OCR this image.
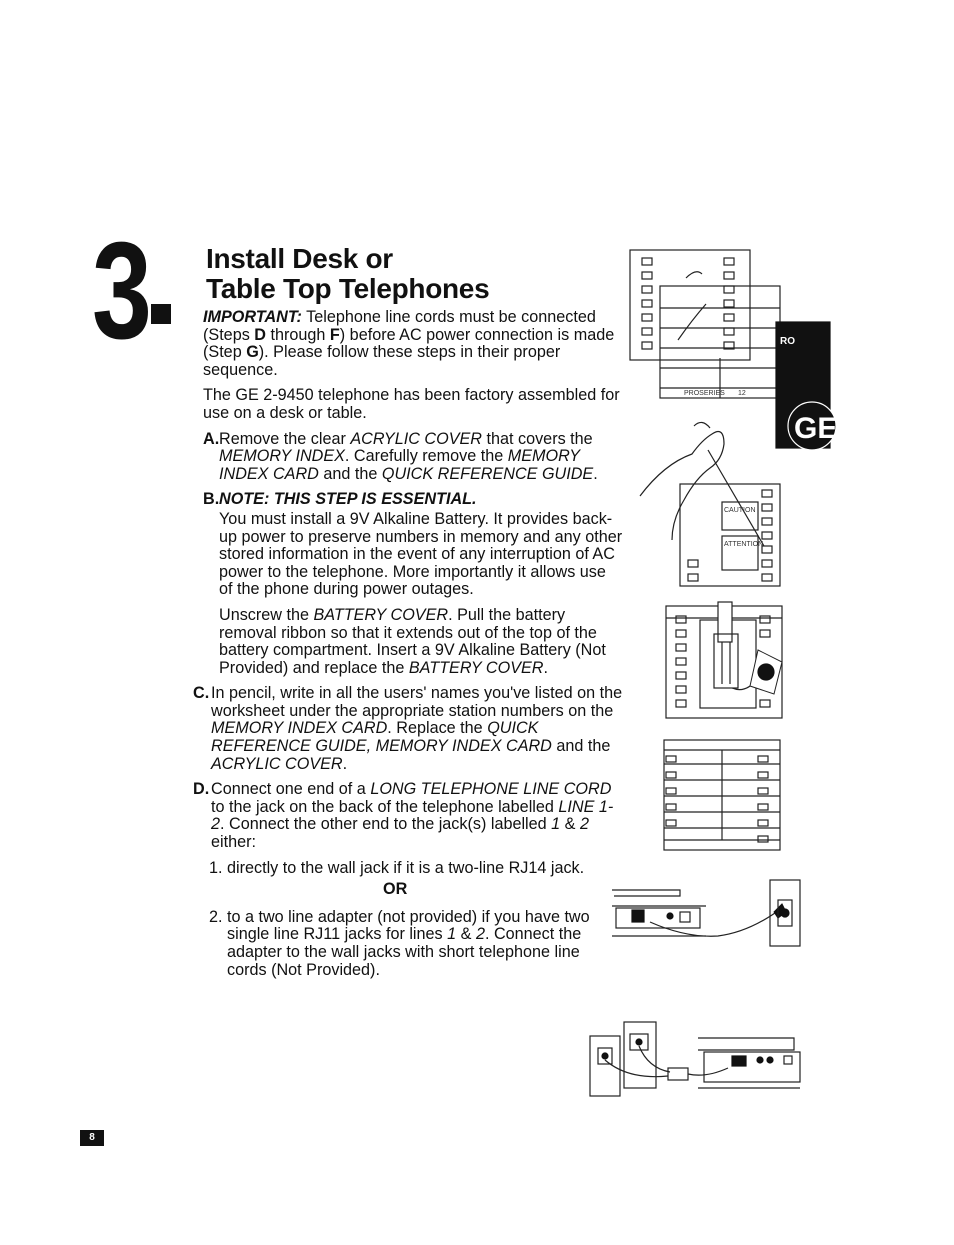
3 Install Desk or
Table Top Telephones

IMPORTANT: Telephone line cords must be connected (Steps D through F) before AC power connection is made (Step G). Please follow these steps in their proper sequence.

The GE 2-9450 telephone has been factory assembled for use on a desk or table.

A. Remove the clear ACRYLIC COVER that covers the MEMORY INDEX. Carefully remove the MEMORY INDEX CARD and the QUICK REFERENCE GUIDE.

B. NOTE: THIS STEP IS ESSENTIAL.

You must install a 9V Alkaline Battery. It provides back-up power to preserve numbers in memory and any other stored information in the event of any interruption of AC power to the telephone. More importantly it allows use of the phone during power outages.

Unscrew the BATTERY COVER. Pull the battery removal ribbon so that it extends out of the top of the battery compartment. Insert a 9V Alkaline Battery (Not Provided) and replace the BATTERY COVER.

C. In pencil, write in all the users' names you've listed on the worksheet under the appropriate station numbers on the MEMORY INDEX CARD. Replace the QUICK REFERENCE GUIDE, MEMORY INDEX CARD and the ACRYLIC COVER.

D. Connect one end of a LONG TELEPHONE LINE CORD to the jack on the back of the telephone labelled LINE 1-2. Connect the other end to the jack(s) labelled 1 & 2 either:

1. directly to the wall jack if it is a two-line RJ14 jack.

OR

2. to a two line adapter (not provided) if you have two single line RJ11 jacks for lines 1 & 2. Connect the adapter to the wall jacks with short telephone line cords (Not Provided).

PROSERIES 12
RO
GE
CAUTION
ATTENTION
8
